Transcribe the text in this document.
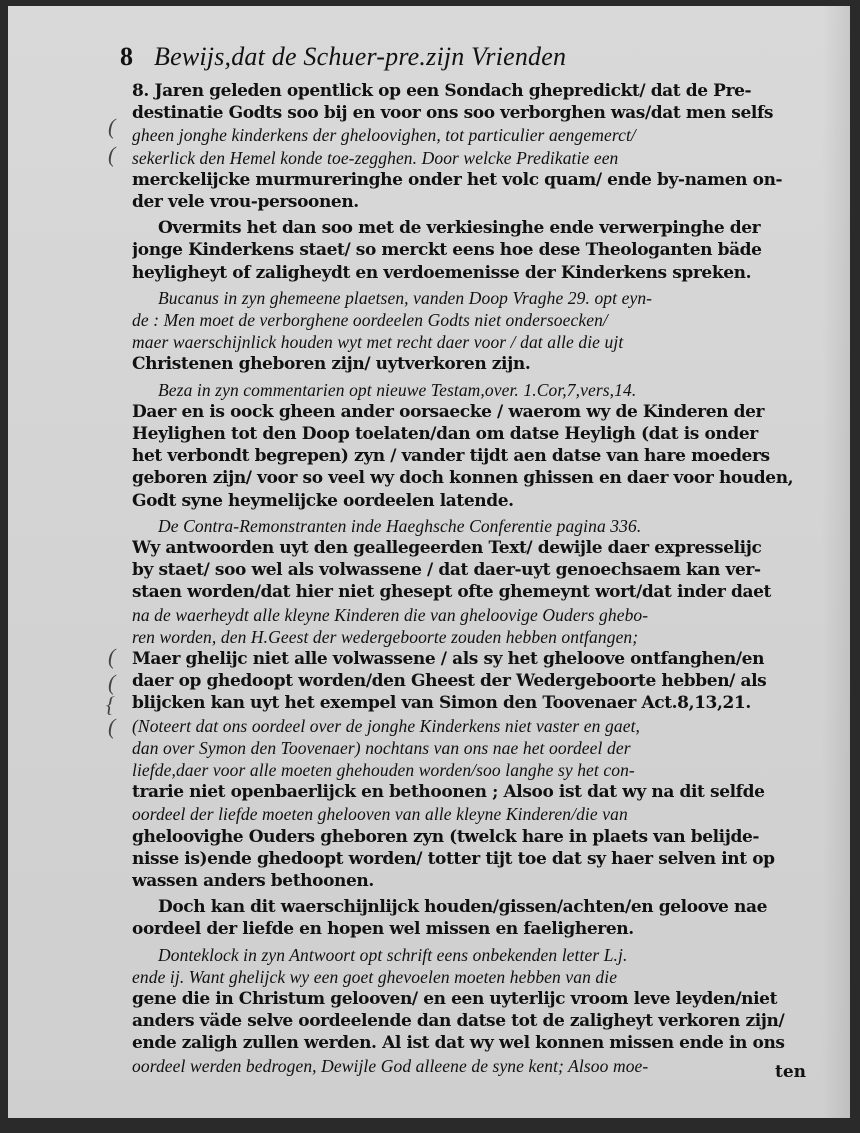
8 Bewijs,dat de Schuer-pre.zijn Vrienden
(
(
(
(
{
(
8. Jaren geleden opentlick op een Sondach ghepredickt/ dat de Pre-
destinatie Godts soo bij en voor ons soo verborghen was/dat men selfs
gheen jonghe kinderkens der gheloovighen, tot particulier aengemerct/
sekerlick den Hemel konde toe-zegghen. Door welcke Predikatie een
merckelijcke murmureringhe onder het volc quam/ ende by-namen on-
der vele vrou-persoonen.
Overmits het dan soo met de verkiesinghe ende verwerpinghe der
jonge Kinderkens staet/ so merckt eens hoe dese Theologanten bäde
heyligheyt of zaligheydt en verdoemenisse der Kinderkens spreken.
Bucanus in zyn ghemeene plaetsen, vanden Doop Vraghe 29. opt eyn-
de : Men moet de verborghene oordeelen Godts niet ondersoecken/
maer waerschijnlick houden wyt met recht daer voor / dat alle die ujt
Christenen gheboren zijn/ uytverkoren zijn.
Beza in zyn commentarien opt nieuwe Testam,over. 1.Cor,7,vers,14.
Daer en is oock gheen ander oorsaecke / waerom wy de Kinderen der
Heylighen tot den Doop toelaten/dan om datse Heyligh (dat is onder
het verbondt begrepen) zyn / vander tijdt aen datse van hare moeders
geboren zijn/ voor so veel wy doch konnen ghissen en daer voor houden,
Godt syne heymelijcke oordeelen latende.
De Contra-Remonstranten inde Haeghsche Conferentie pagina 336.
Wy antwoorden uyt den geallegeerden Text/ dewijle daer expresselijc
by staet/ soo wel als volwassene / dat daer-uyt genoechsaem kan ver-
staen worden/dat hier niet ghesept ofte ghemeynt wort/dat inder daet
na de waerheydt alle kleyne Kinderen die van gheloovige Ouders ghebo-
ren worden, den H.Geest der wedergeboorte zouden hebben ontfangen;
Maer ghelijc niet alle volwassene / als sy het gheloove ontfanghen/en
daer op ghedoopt worden/den Gheest der Wedergeboorte hebben/ als
blijcken kan uyt het exempel van Simon den Toovenaer Act.8,13,21.
(Noteert dat ons oordeel over de jonghe Kinderkens niet vaster en gaet,
dan over Symon den Toovenaer) nochtans van ons nae het oordeel der
liefde,daer voor alle moeten ghehouden worden/soo langhe sy het con-
trarie niet openbaerlijck en bethoonen ; Alsoo ist dat wy na dit selfde
oordeel der liefde moeten ghelooven van alle kleyne Kinderen/die van
gheloovighe Ouders gheboren zyn (twelck hare in plaets van belijde-
nisse is)ende ghedoopt worden/ totter tijt toe dat sy haer selven int op
wassen anders bethoonen.
Doch kan dit waerschijnlijck houden/gissen/achten/en geloove nae
oordeel der liefde en hopen wel missen en faeligheren.
Donteklock in zyn Antwoort opt schrift eens onbekenden letter L.j.
ende ij. Want ghelijck wy een goet ghevoelen moeten hebben van die
gene die in Christum gelooven/ en een uyterlijc vroom leve leyden/niet
anders väde selve oordeelende dan datse tot de zaligheyt verkoren zijn/
ende zaligh zullen werden. Al ist dat wy wel konnen missen ende in ons
oordeel werden bedrogen, Dewijle God alleene de syne kent; Alsoo moe-	ten
